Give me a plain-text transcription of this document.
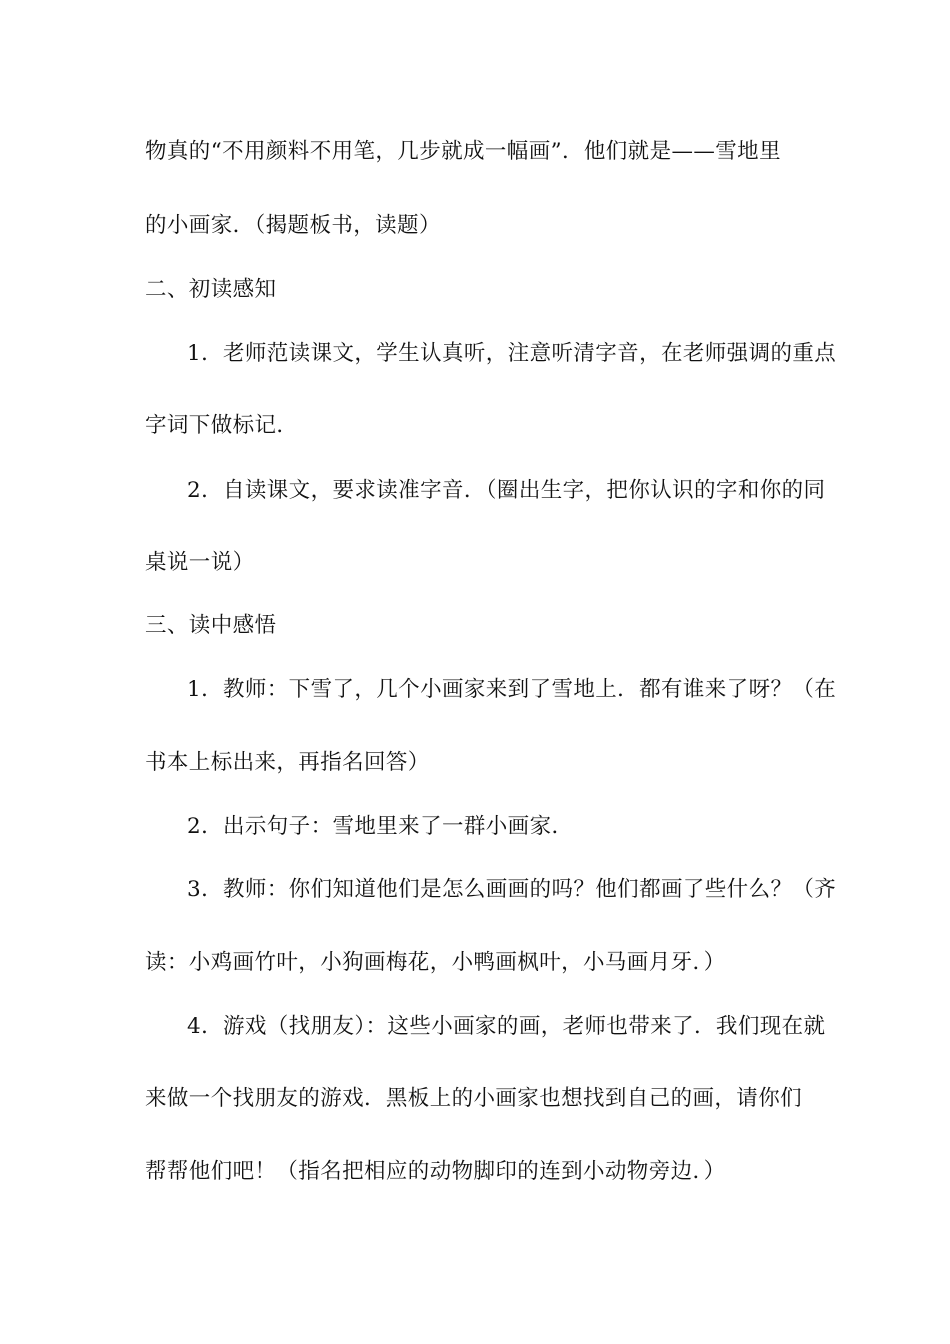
物真的“不用颜料不用笔，几步就成一幅画”．他们就是——雪地里
的小画家．（揭题板书，读题）
二、初读感知
1．老师范读课文，学生认真听，注意听清字音，在老师强调的重点
字词下做标记．
2．自读课文，要求读准字音．（圈出生字，把你认识的字和你的同
桌说一说）
三、读中感悟
1．教师：下雪了，几个小画家来到了雪地上．都有谁来了呀？（在
书本上标出来，再指名回答）
2．出示句子：雪地里来了一群小画家．
3．教师：你们知道他们是怎么画画的吗？他们都画了些什么？（齐
读：小鸡画竹叶，小狗画梅花，小鸭画枫叶，小马画月牙．）
4．游戏（找朋友）：这些小画家的画，老师也带来了．我们现在就
来做一个找朋友的游戏．黑板上的小画家也想找到自己的画，请你们
帮帮他们吧！（指名把相应的动物脚印的连到小动物旁边．）
